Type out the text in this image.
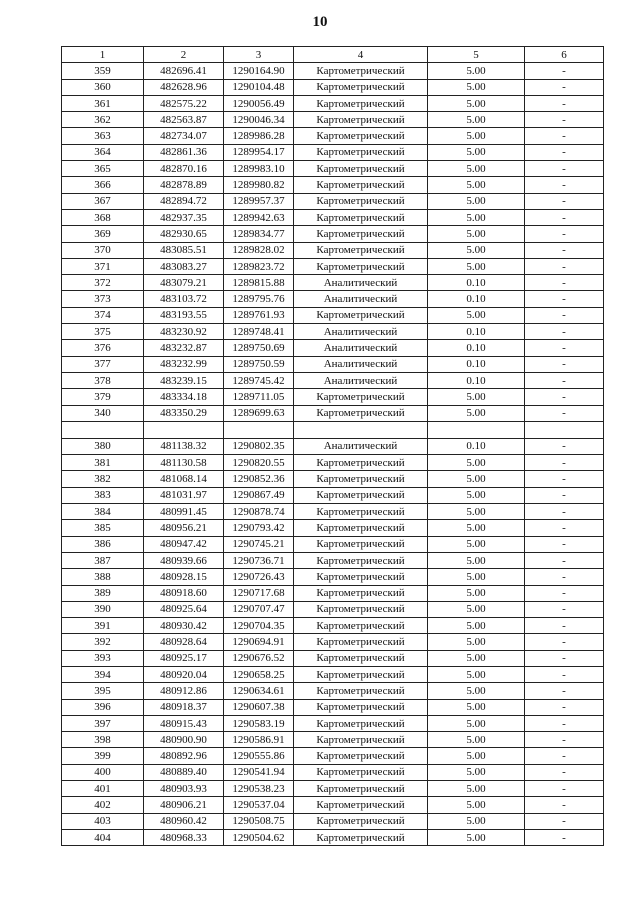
10
1	2	3	4	5	6
359	482696.41	1290164.90	Картометрический	5.00	-
360	482628.96	1290104.48	Картометрический	5.00	-
361	482575.22	1290056.49	Картометрический	5.00	-
362	482563.87	1290046.34	Картометрический	5.00	-
363	482734.07	1289986.28	Картометрический	5.00	-
364	482861.36	1289954.17	Картометрический	5.00	-
365	482870.16	1289983.10	Картометрический	5.00	-
366	482878.89	1289980.82	Картометрический	5.00	-
367	482894.72	1289957.37	Картометрический	5.00	-
368	482937.35	1289942.63	Картометрический	5.00	-
369	482930.65	1289834.77	Картометрический	5.00	-
370	483085.51	1289828.02	Картометрический	5.00	-
371	483083.27	1289823.72	Картометрический	5.00	-
372	483079.21	1289815.88	Аналитический	0.10	-
373	483103.72	1289795.76	Аналитический	0.10	-
374	483193.55	1289761.93	Картометрический	5.00	-
375	483230.92	1289748.41	Аналитический	0.10	-
376	483232.87	1289750.69	Аналитический	0.10	-
377	483232.99	1289750.59	Аналитический	0.10	-
378	483239.15	1289745.42	Аналитический	0.10	-
379	483334.18	1289711.05	Картометрический	5.00	-
340	483350.29	1289699.63	Картометрический	5.00	-

380	481138.32	1290802.35	Аналитический	0.10	-
381	481130.58	1290820.55	Картометрический	5.00	-
382	481068.14	1290852.36	Картометрический	5.00	-
383	481031.97	1290867.49	Картометрический	5.00	-
384	480991.45	1290878.74	Картометрический	5.00	-
385	480956.21	1290793.42	Картометрический	5.00	-
386	480947.42	1290745.21	Картометрический	5.00	-
387	480939.66	1290736.71	Картометрический	5.00	-
388	480928.15	1290726.43	Картометрический	5.00	-
389	480918.60	1290717.68	Картометрический	5.00	-
390	480925.64	1290707.47	Картометрический	5.00	-
391	480930.42	1290704.35	Картометрический	5.00	-
392	480928.64	1290694.91	Картометрический	5.00	-
393	480925.17	1290676.52	Картометрический	5.00	-
394	480920.04	1290658.25	Картометрический	5.00	-
395	480912.86	1290634.61	Картометрический	5.00	-
396	480918.37	1290607.38	Картометрический	5.00	-
397	480915.43	1290583.19	Картометрический	5.00	-
398	480900.90	1290586.91	Картометрический	5.00	-
399	480892.96	1290555.86	Картометрический	5.00	-
400	480889.40	1290541.94	Картометрический	5.00	-
401	480903.93	1290538.23	Картометрический	5.00	-
402	480906.21	1290537.04	Картометрический	5.00	-
403	480960.42	1290508.75	Картометрический	5.00	-
404	480968.33	1290504.62	Картометрический	5.00	-
